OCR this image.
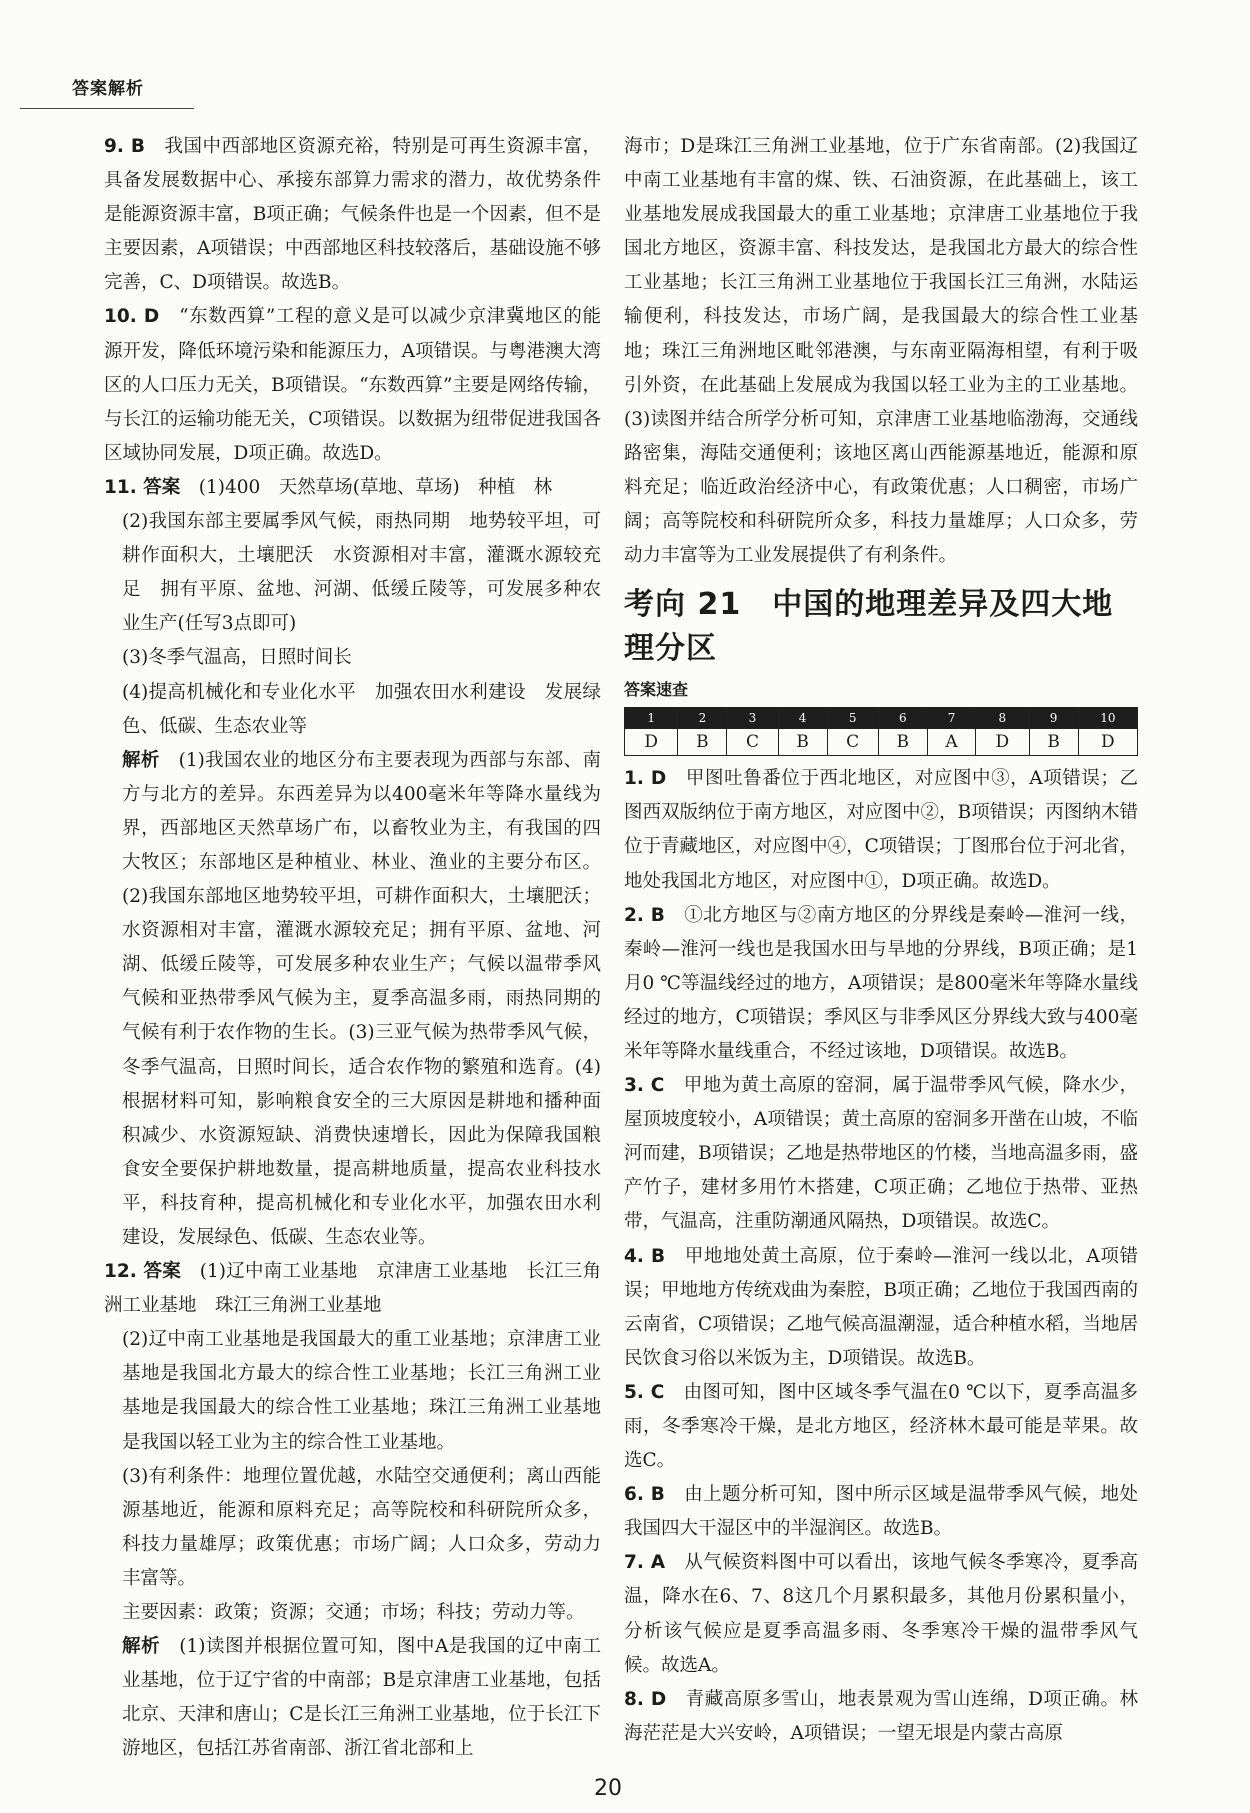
答案解析

9. B　 我国中西部地区资源充裕，特别是可再生资源丰富，具备发展数据中心、承接东部算力需求的潜力，故优势条件是能源资源丰富，B项正确；气候条件也是一个因素，但不是主要因素，A项错误；中西部地区科技较落后，基础设施不够完善，C、D项错误。故选B。

10. D　 “东数西算”工程的意义是可以减少京津冀地区的能源开发，降低环境污染和能源压力，A项错误。与粤港澳大湾区的人口压力无关，B项错误。“东数西算”主要是网络传输，与长江的运输功能无关，C项错误。以数据为纽带促进我国各区域协同发展，D项正确。故选D。

11. 答案　 (1)400　天然草场(草地、草场)　种植　林

(2)我国东部主要属季风气候，雨热同期　地势较平坦，可耕作面积大，土壤肥沃　水资源相对丰富，灌溉水源较充足　拥有平原、盆地、河湖、低缓丘陵等，可发展多种农业生产(任写3点即可)

(3)冬季气温高，日照时间长

(4)提高机械化和专业化水平　加强农田水利建设　发展绿色、低碳、生态农业等

解析　 (1)我国农业的地区分布主要表现为西部与东部、南方与北方的差异。东西差异为以400毫米年等降水量线为界，西部地区天然草场广布，以畜牧业为主，有我国的四大牧区；东部地区是种植业、林业、渔业的主要分布区。(2)我国东部地区地势较平坦，可耕作面积大，土壤肥沃；水资源相对丰富，灌溉水源较充足；拥有平原、盆地、河湖、低缓丘陵等，可发展多种农业生产；气候以温带季风气候和亚热带季风气候为主，夏季高温多雨，雨热同期的气候有利于农作物的生长。(3)三亚气候为热带季风气候，冬季气温高，日照时间长，适合农作物的繁殖和选育。(4)根据材料可知，影响粮食安全的三大原因是耕地和播种面积减少、水资源短缺、消费快速增长，因此为保障我国粮食安全要保护耕地数量，提高耕地质量，提高农业科技水平，科技育种，提高机械化和专业化水平，加强农田水利建设，发展绿色、低碳、生态农业等。

12. 答案　 (1)辽中南工业基地　京津唐工业基地　长江三角洲工业基地　珠江三角洲工业基地

(2)辽中南工业基地是我国最大的重工业基地；京津唐工业基地是我国北方最大的综合性工业基地；长江三角洲工业基地是我国最大的综合性工业基地；珠江三角洲工业基地是我国以轻工业为主的综合性工业基地。

(3)有利条件：地理位置优越，水陆空交通便利；离山西能源基地近，能源和原料充足；高等院校和科研院所众多，科技力量雄厚；政策优惠；市场广阔；人口众多，劳动力丰富等。

主要因素：政策；资源；交通；市场；科技；劳动力等。

解析　 (1)读图并根据位置可知，图中A是我国的辽中南工业基地，位于辽宁省的中南部；B是京津唐工业基地，包括北京、天津和唐山；C是长江三角洲工业基地，位于长江下游地区，包括江苏省南部、浙江省北部和上

海市；D是珠江三角洲工业基地，位于广东省南部。(2)我国辽中南工业基地有丰富的煤、铁、石油资源，在此基础上，该工业基地发展成我国最大的重工业基地；京津唐工业基地位于我国北方地区，资源丰富、科技发达，是我国北方最大的综合性工业基地；长江三角洲工业基地位于我国长江三角洲，水陆运输便利，科技发达，市场广阔，是我国最大的综合性工业基地；珠江三角洲地区毗邻港澳，与东南亚隔海相望，有利于吸引外资，在此基础上发展成为我国以轻工业为主的工业基地。(3)读图并结合所学分析可知，京津唐工业基地临渤海，交通线路密集，海陆交通便利；该地区离山西能源基地近，能源和原料充足；临近政治经济中心，有政策优惠；人口稠密，市场广阔；高等院校和科研院所众多，科技力量雄厚；人口众多，劳动力丰富等为工业发展提供了有利条件。

考向 21　中国的地理差异及四大地理分区
答案速查
1	2	3	4	5	6	7	8	9	10
D	B	C	B	C	B	A	D	B	D

1. D　甲图吐鲁番位于西北地区，对应图中③，A项错误；乙图西双版纳位于南方地区，对应图中②，B项错误；丙图纳木错位于青藏地区，对应图中④，C项错误；丁图邢台位于河北省，地处我国北方地区，对应图中①，D项正确。故选D。

2. B　①北方地区与②南方地区的分界线是秦岭—淮河一线，秦岭—淮河一线也是我国水田与旱地的分界线，B项正确；是1月0 ℃等温线经过的地方，A项错误；是800毫米年等降水量线经过的地方，C项错误；季风区与非季风区分界线大致与400毫米年等降水量线重合，不经过该地，D项错误。故选B。

3. C　甲地为黄土高原的窑洞，属于温带季风气候，降水少，屋顶坡度较小，A项错误；黄土高原的窑洞多开凿在山坡，不临河而建，B项错误；乙地是热带地区的竹楼，当地高温多雨，盛产竹子，建材多用竹木搭建，C项正确；乙地位于热带、亚热带，气温高，注重防潮通风隔热，D项错误。故选C。

4. B　甲地地处黄土高原，位于秦岭—淮河一线以北，A项错误；甲地地方传统戏曲为秦腔，B项正确；乙地位于我国西南的云南省，C项错误；乙地气候高温潮湿，适合种植水稻，当地居民饮食习俗以米饭为主，D项错误。故选B。

5. C　由图可知，图中区域冬季气温在0 ℃以下，夏季高温多雨，冬季寒冷干燥，是北方地区，经济林木最可能是苹果。故选C。

6. B　由上题分析可知，图中所示区域是温带季风气候，地处我国四大干湿区中的半湿润区。故选B。

7. A　从气候资料图中可以看出，该地气候冬季寒冷，夏季高温，降水在6、7、8这几个月累积最多，其他月份累积量小，分析该气候应是夏季高温多雨、冬季寒冷干燥的温带季风气候。故选A。

8. D　青藏高原多雪山，地表景观为雪山连绵，D项正确。林海茫茫是大兴安岭，A项错误；一望无垠是内蒙古高原

20
